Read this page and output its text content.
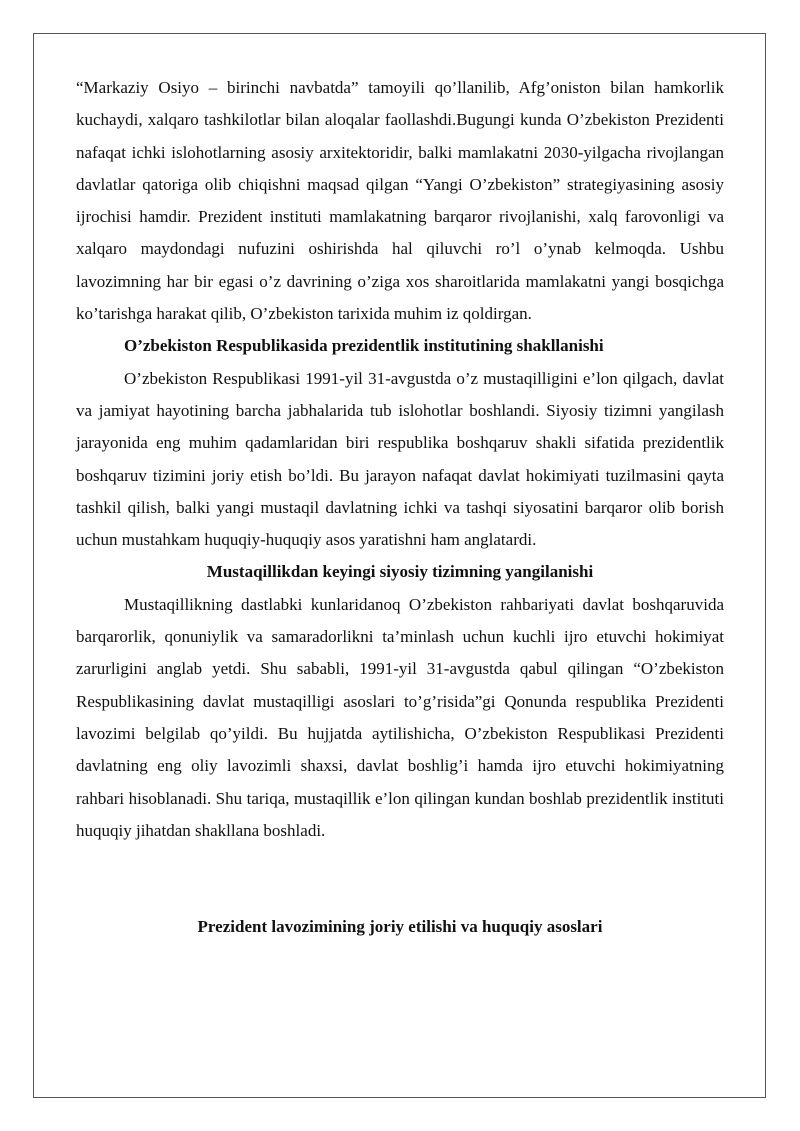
“Markaziy Osiyo – birinchi navbatda” tamoyili qo’llanilib, Afg’oniston bilan hamkorlik kuchaydi, xalqaro tashkilotlar bilan aloqalar faollashdi.Bugungi kunda O’zbekiston Prezidenti nafaqat ichki islohotlarning asosiy arxitektoridir, balki mamlakatni 2030-yilgacha rivojlangan davlatlar qatoriga olib chiqishni maqsad qilgan “Yangi O’zbekiston” strategiyasining asosiy ijrochisi hamdir. Prezident instituti mamlakatning barqaror rivojlanishi, xalq farovonligi va xalqaro maydondagi nufuzini oshirishda hal qiluvchi ro’l o’ynab kelmoqda. Ushbu lavozimning har bir egasi o’z davrining o’ziga xos sharoitlarida mamlakatni yangi bosqichga ko’tarishga harakat qilib, O’zbekiston tarixida muhim iz qoldirgan.

O’zbekiston Respublikasida prezidentlik institutining shakllanishi

O’zbekiston Respublikasi 1991-yil 31-avgustda o’z mustaqilligini e’lon qilgach, davlat va jamiyat hayotining barcha jabhalarida tub islohotlar boshlandi. Siyosiy tizimni yangilash jarayonida eng muhim qadamlaridan biri respublika boshqaruv shakli sifatida prezidentlik boshqaruv tizimini joriy etish bo’ldi. Bu jarayon nafaqat davlat hokimiyati tuzilmasini qayta tashkil qilish, balki yangi mustaqil davlatning ichki va tashqi siyosatini barqaror olib borish uchun mustahkam huquqiy-huquqiy asos yaratishni ham anglatardi.

Mustaqillikdan keyingi siyosiy tizimning yangilanishi

Mustaqillikning dastlabki kunlaridanoq O’zbekiston rahbariyati davlat boshqaruvida barqarorlik, qonuniylik va samaradorlikni ta’minlash uchun kuchli ijro etuvchi hokimiyat zarurligini anglab yetdi. Shu sababli, 1991-yil 31-avgustda qabul qilingan “O’zbekiston Respublikasining davlat mustaqilligi asoslari to’g’risida”gi Qonunda respublika Prezidenti lavozimi belgilab qo’yildi. Bu hujjatda aytilishicha, O’zbekiston Respublikasi Prezidenti davlatning eng oliy lavozimli shaxsi, davlat boshlig’i hamda ijro etuvchi hokimiyatning rahbari hisoblanadi. Shu tariqa, mustaqillik e’lon qilingan kundan boshlab prezidentlik instituti huquqiy jihatdan shakllana boshladi.

Prezident lavozimining joriy etilishi va huquqiy asoslari
